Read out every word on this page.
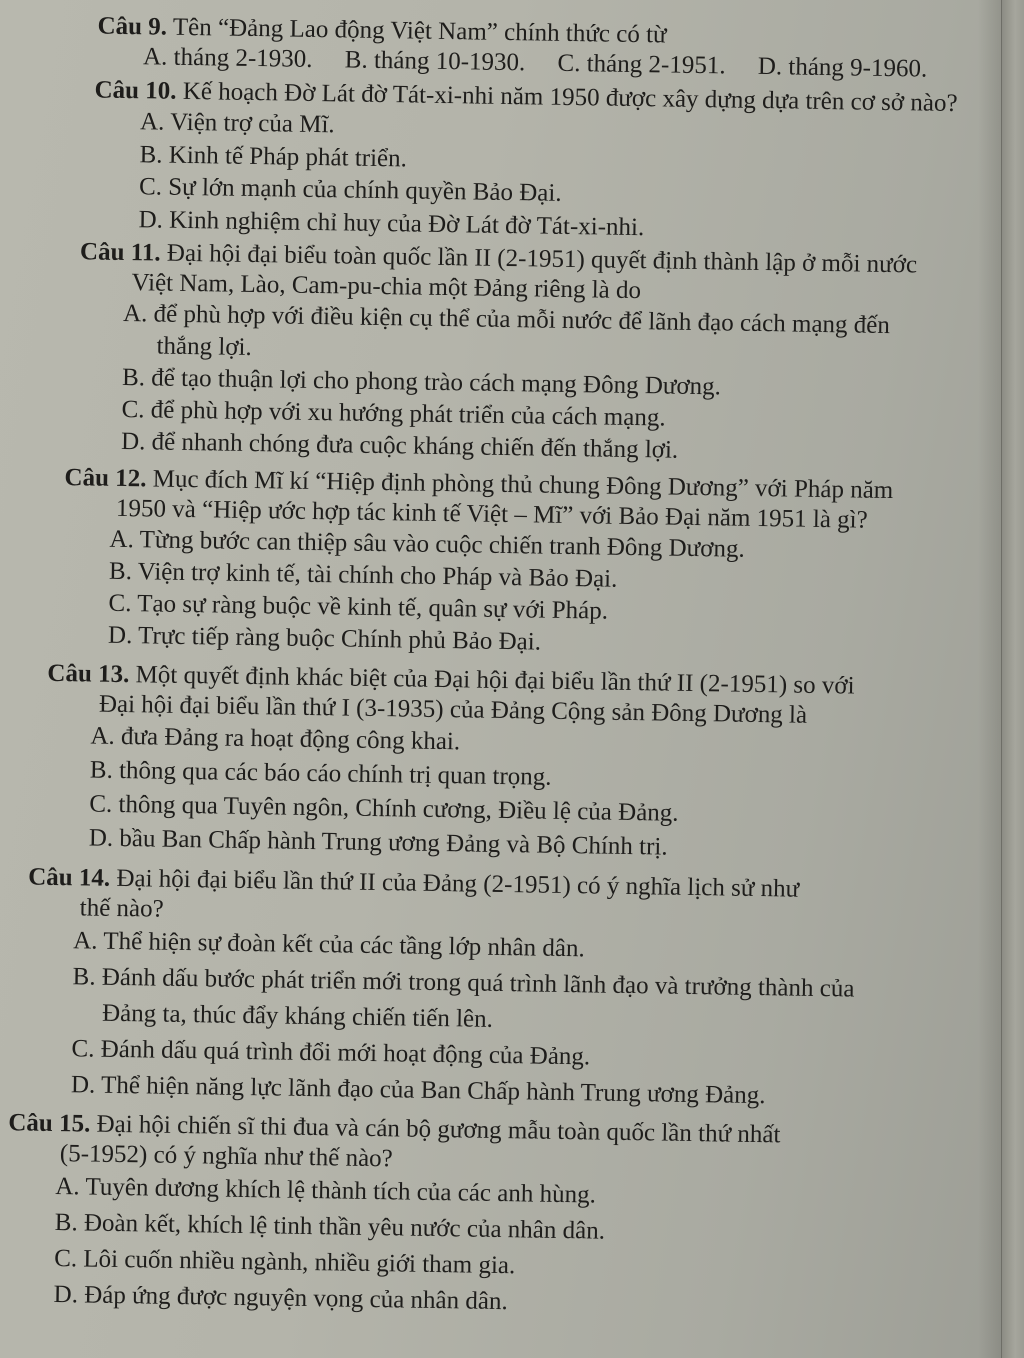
Câu 9. Tên “Đảng Lao động Việt Nam” chính thức có từ

A. tháng 2-1930. B. tháng 10-1930. C. tháng 2-1951. D. tháng 9-1960.

Câu 10. Kế hoạch Đờ Lát đờ Tát-xi-nhi năm 1950 được xây dựng dựa trên cơ sở nào?

A. Viện trợ của Mĩ.
B. Kinh tế Pháp phát triển.
C. Sự lớn mạnh của chính quyền Bảo Đại.
D. Kinh nghiệm chỉ huy của Đờ Lát đờ Tát-xi-nhi.

Câu 11. Đại hội đại biểu toàn quốc lần II (2-1951) quyết định thành lập ở mỗi nước

Việt Nam, Lào, Cam-pu-chia một Đảng riêng là do

A. để phù hợp với điều kiện cụ thể của mỗi nước để lãnh đạo cách mạng đến
thắng lợi.
B. để tạo thuận lợi cho phong trào cách mạng Đông Dương.
C. để phù hợp với xu hướng phát triển của cách mạng.
D. để nhanh chóng đưa cuộc kháng chiến đến thắng lợi.

Câu 12. Mục đích Mĩ kí “Hiệp định phòng thủ chung Đông Dương” với Pháp năm

1950 và “Hiệp ước hợp tác kinh tế Việt – Mĩ” với Bảo Đại năm 1951 là gì?

A. Từng bước can thiệp sâu vào cuộc chiến tranh Đông Dương.
B. Viện trợ kinh tế, tài chính cho Pháp và Bảo Đại.
C. Tạo sự ràng buộc về kinh tế, quân sự với Pháp.
D. Trực tiếp ràng buộc Chính phủ Bảo Đại.

Câu 13. Một quyết định khác biệt của Đại hội đại biểu lần thứ II (2-1951) so với

Đại hội đại biểu lần thứ I (3-1935) của Đảng Cộng sản Đông Dương là

A. đưa Đảng ra hoạt động công khai.
B. thông qua các báo cáo chính trị quan trọng.
C. thông qua Tuyên ngôn, Chính cương, Điều lệ của Đảng.
D. bầu Ban Chấp hành Trung ương Đảng và Bộ Chính trị.

Câu 14. Đại hội đại biểu lần thứ II của Đảng (2-1951) có ý nghĩa lịch sử như

thế nào?

A. Thể hiện sự đoàn kết của các tầng lớp nhân dân.
B. Đánh dấu bước phát triển mới trong quá trình lãnh đạo và trưởng thành của
Đảng ta, thúc đẩy kháng chiến tiến lên.
C. Đánh dấu quá trình đổi mới hoạt động của Đảng.
D. Thể hiện năng lực lãnh đạo của Ban Chấp hành Trung ương Đảng.

Câu 15. Đại hội chiến sĩ thi đua và cán bộ gương mẫu toàn quốc lần thứ nhất

(5-1952) có ý nghĩa như thế nào?

A. Tuyên dương khích lệ thành tích của các anh hùng.
B. Đoàn kết, khích lệ tinh thần yêu nước của nhân dân.
C. Lôi cuốn nhiều ngành, nhiều giới tham gia.
D. Đáp ứng được nguyện vọng của nhân dân.
